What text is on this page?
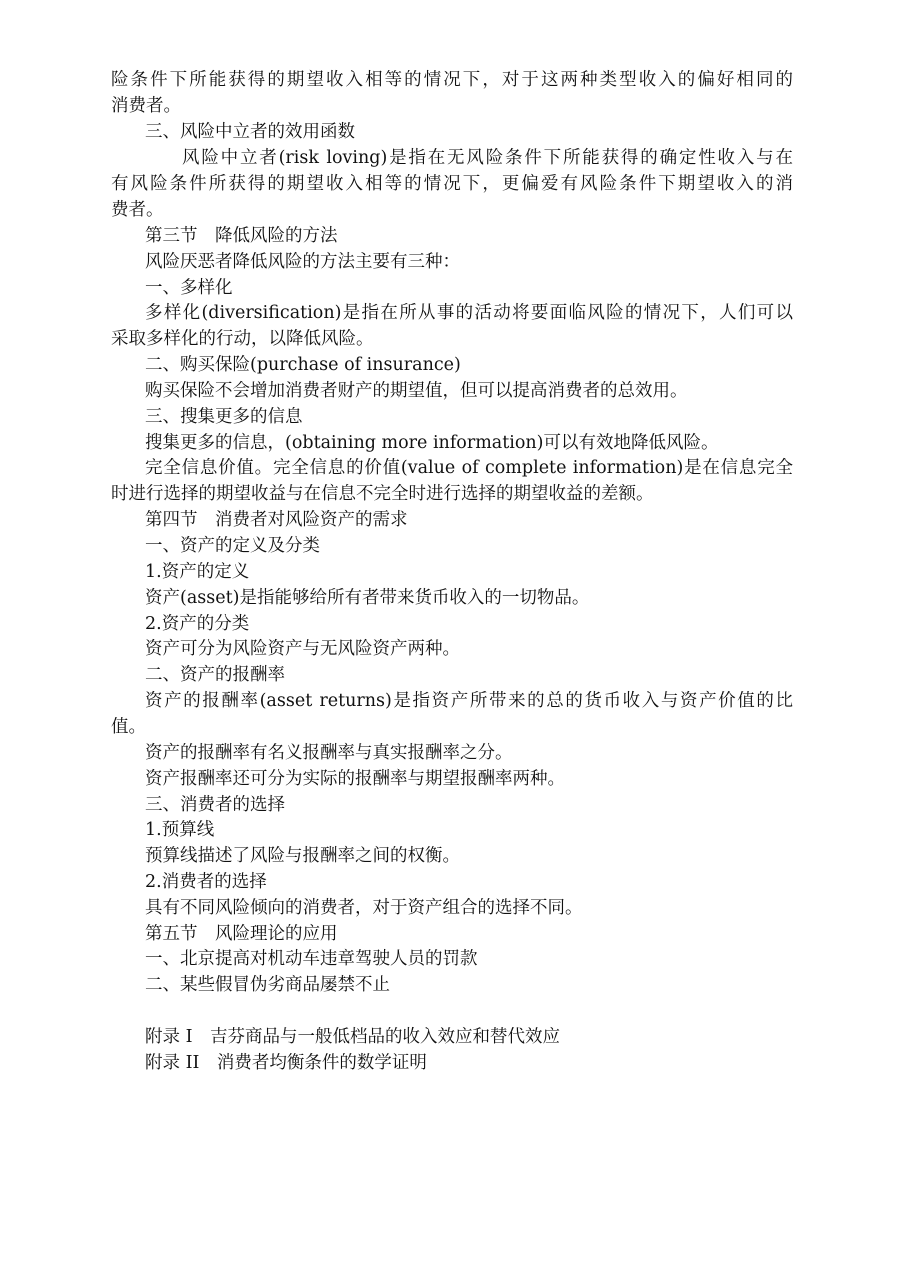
险条件下所能获得的期望收入相等的情况下，对于这两种类型收入的偏好相同的
消费者。
三、风险中立者的效用函数
风险中立者(risk loving)是指在无风险条件下所能获得的确定性收入与在
有风险条件所获得的期望收入相等的情况下，更偏爱有风险条件下期望收入的消
费者。
第三节　降低风险的方法
风险厌恶者降低风险的方法主要有三种：
一、多样化
多样化(diversification)是指在所从事的活动将要面临风险的情况下，人们可以
采取多样化的行动，以降低风险。
二、购买保险(purchase of insurance)
购买保险不会增加消费者财产的期望值，但可以提高消费者的总效用。
三、搜集更多的信息
搜集更多的信息，(obtaining more information)可以有效地降低风险。
完全信息价值。完全信息的价值(value of complete information)是在信息完全
时进行选择的期望收益与在信息不完全时进行选择的期望收益的差额。
第四节　消费者对风险资产的需求
一、资产的定义及分类
1.资产的定义
资产(asset)是指能够给所有者带来货币收入的一切物品。
2.资产的分类
资产可分为风险资产与无风险资产两种。
二、资产的报酬率
资产的报酬率(asset returns)是指资产所带来的总的货币收入与资产价值的比
值。
资产的报酬率有名义报酬率与真实报酬率之分。
资产报酬率还可分为实际的报酬率与期望报酬率两种。
三、消费者的选择
1.预算线
预算线描述了风险与报酬率之间的权衡。
2.消费者的选择
具有不同风险倾向的消费者，对于资产组合的选择不同。
第五节　风险理论的应用
一、北京提高对机动车违章驾驶人员的罚款
二、某些假冒伪劣商品屡禁不止
附录 I　吉芬商品与一般低档品的收入效应和替代效应
附录 II　消费者均衡条件的数学证明
